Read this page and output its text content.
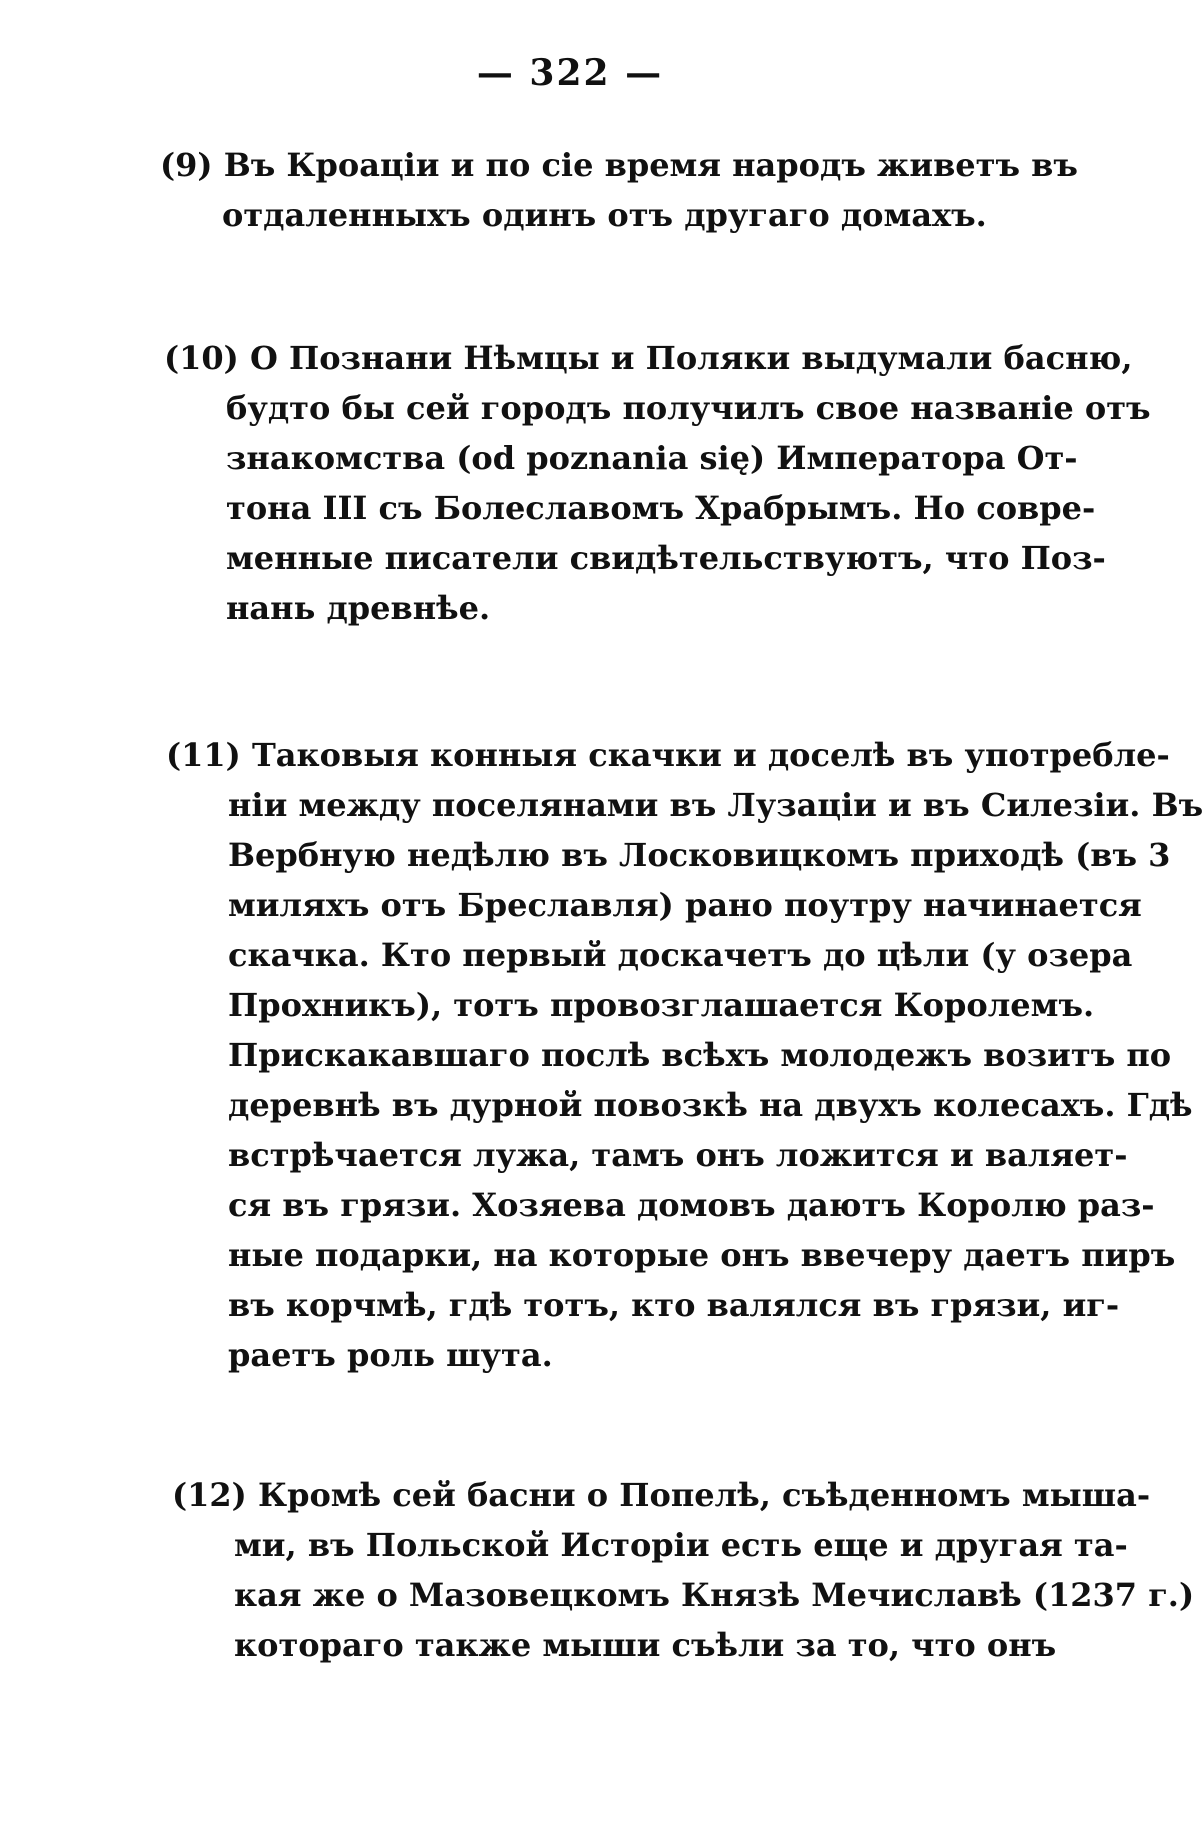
— 322 —
(9) Въ Кроаціи и по сіе время народъ живетъ въ
отдаленныхъ одинъ отъ другаго домахъ.
(10) О Познани Нѣмцы и Поляки выдумали басню,
будто бы сей городъ получилъ свое названіе отъ
знакомства (od poznania się) Императора От-
тона III съ Болеславомъ Храбрымъ. Но совре-
менные писатели свидѣтельствуютъ, что Поз-
нань древнѣе.
(11) Таковыя конныя скачки и доселѣ въ употребле-
ніи между поселянами въ Лузаціи и въ Силезіи. Въ
Вербную недѣлю въ Лосковицкомъ приходѣ (въ 3
миляхъ отъ Бреславля) рано поутру начинается
скачка. Кто первый доскачетъ до цѣли (у озера
Прохникъ), тотъ провозглашается Королемъ.
Прискакавшаго послѣ всѣхъ молодежъ возитъ по
деревнѣ въ дурной повозкѣ на двухъ колесахъ. Гдѣ
встрѣчается лужа, тамъ онъ ложится и валяет-
ся въ грязи. Хозяева домовъ даютъ Королю раз-
ные подарки, на которые онъ ввечеру даетъ пиръ
въ корчмѣ, гдѣ тотъ, кто валялся въ грязи, иг-
раетъ роль шута.
(12) Кромѣ сей басни о Попелѣ, съѣденномъ мыша-
ми, въ Польской Исторіи есть еще и другая та-
кая же о Мазовецкомъ Князѣ Мечиславѣ (1237 г.)
котораго также мыши съѣли за то, что онъ
